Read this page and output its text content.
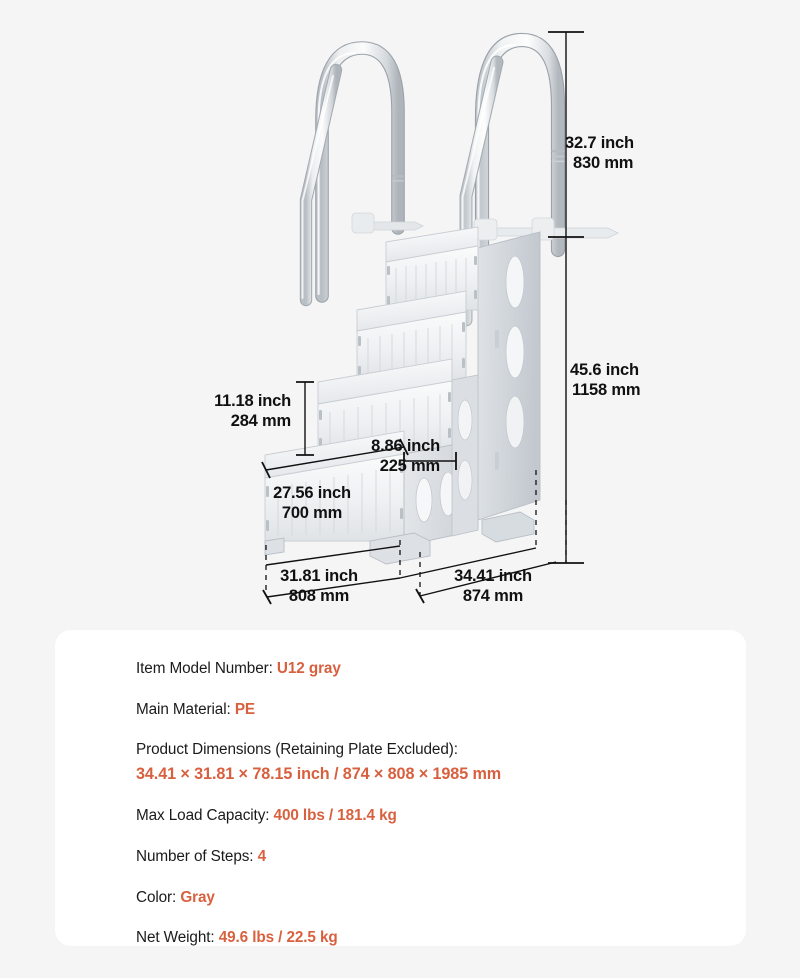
32.7 inch
830 mm
45.6 inch
1158 mm
11.18 inch
284 mm
8.86 inch
225 mm
27.56 inch
700 mm
31.81 inch
808 mm
34.41 inch
874 mm
Item Model Number: U12 gray
Main Material: PE
Product Dimensions (Retaining Plate Excluded):
34.41 × 31.81 × 78.15 inch / 874 × 808 × 1985 mm
Max Load Capacity: 400 lbs / 181.4 kg
Number of Steps: 4
Color: Gray
Net Weight: 49.6 lbs / 22.5 kg
